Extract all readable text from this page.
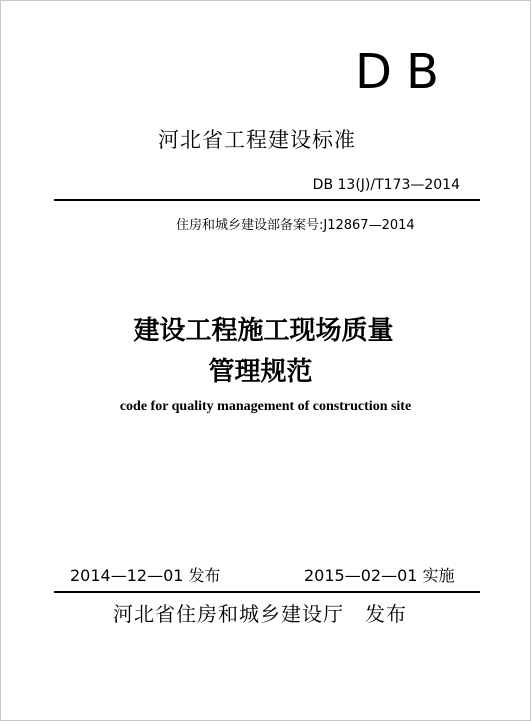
DB
河北省工程建设标准
DB 13(J)/T173—2014
住房和城乡建设部备案号:J12867—2014
建设工程施工现场质量
管理规范
code for quality management of construction site
2014—12—01 发布	2015—02—01 实施
河北省住房和城乡建设厅　发布
